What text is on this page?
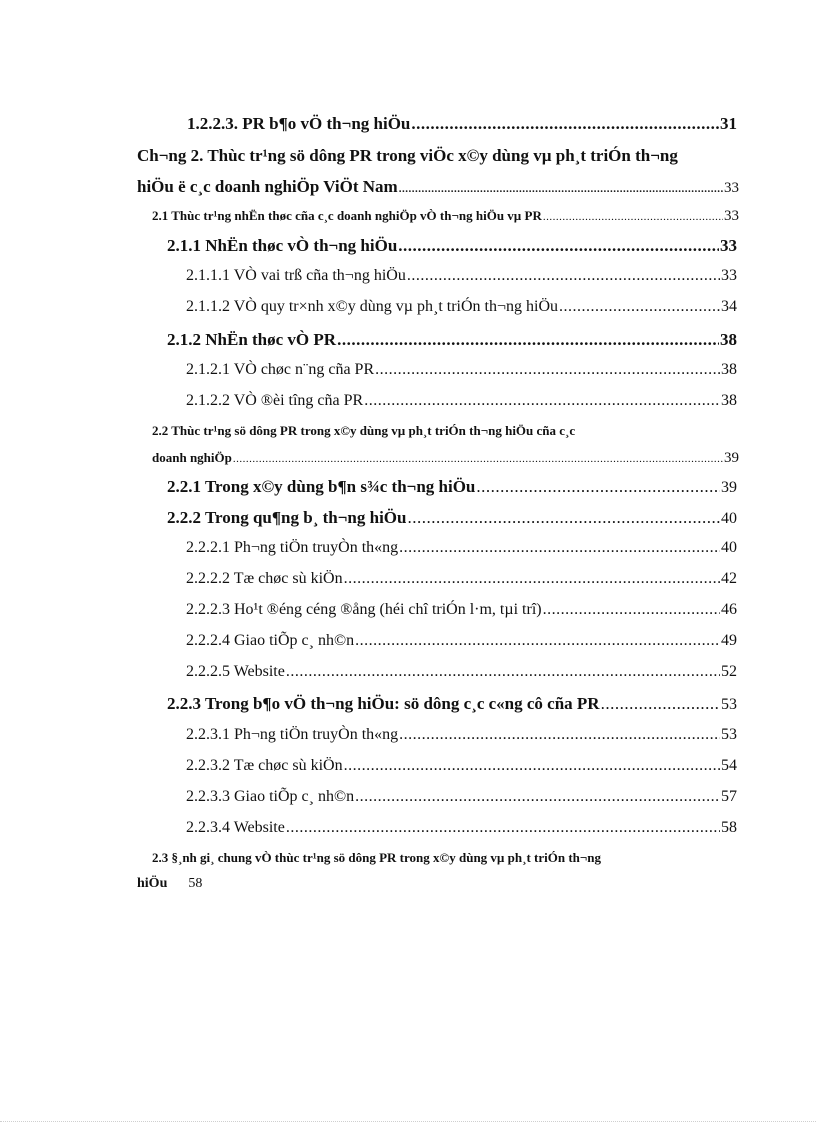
1.2.2.3. PR b¶o vÖ th¬ng hiÖu .....	31
Ch¬ng 2. Thùc tr¹ng sö dông PR trong viÖc x©y dùng vµ ph¸t triÓn th¬ng
hiÖu ë c¸c doanh nghiÖp ViÖt Nam .....	33
2.1 Thùc tr¹ng nhËn thøc cña c¸c doanh nghiÖp vÒ th¬ng hiÖu vµ PR .....	33
2.1.1 NhËn thøc vÒ th¬ng hiÖu .....	33
2.1.1.1 VÒ vai trß cña th¬ng hiÖu .....	33
2.1.1.2 VÒ quy tr×nh x©y dùng vµ ph¸t triÓn th¬ng hiÖu .....	34
2.1.2 NhËn thøc vÒ PR .....	38
2.1.2.1 VÒ chøc n¨ng cña PR .....	38
2.1.2.2 VÒ ®èi tîng cña PR .....	38
2.2 Thùc tr¹ng sö dông PR trong x©y dùng vµ ph¸t triÓn th¬ng hiÖu cña c¸c
doanh nghiÖp .....	39
2.2.1 Trong x©y dùng b¶n s¾c th¬ng hiÖu .....	39
2.2.2 Trong qu¶ng b¸ th¬ng hiÖu .....	40
2.2.2.1 Ph¬ng tiÖn truyÒn th«ng .....	40
2.2.2.2 Tæ chøc sù kiÖn .....	42
2.2.2.3 Ho¹t ®éng céng ®ång (héi chî triÓn l·m, tµi trî) .....	46
2.2.2.4 Giao tiÕp c¸ nh©n .....	49
2.2.2.5 Website .....	52
2.2.3 Trong b¶o vÖ th¬ng hiÖu: sö dông c¸c c«ng cô cña PR .....	53
2.2.3.1 Ph¬ng tiÖn truyÒn th«ng .....	53
2.2.3.2 Tæ chøc sù kiÖn .....	54
2.2.3.3 Giao tiÕp c¸ nh©n .....	57
2.2.3.4 Website .....	58
2.3 §¸nh gi¸ chung vÒ thùc tr¹ng sö dông PR trong x©y dùng vµ ph¸t triÓn th¬ng
hiÖu 58
